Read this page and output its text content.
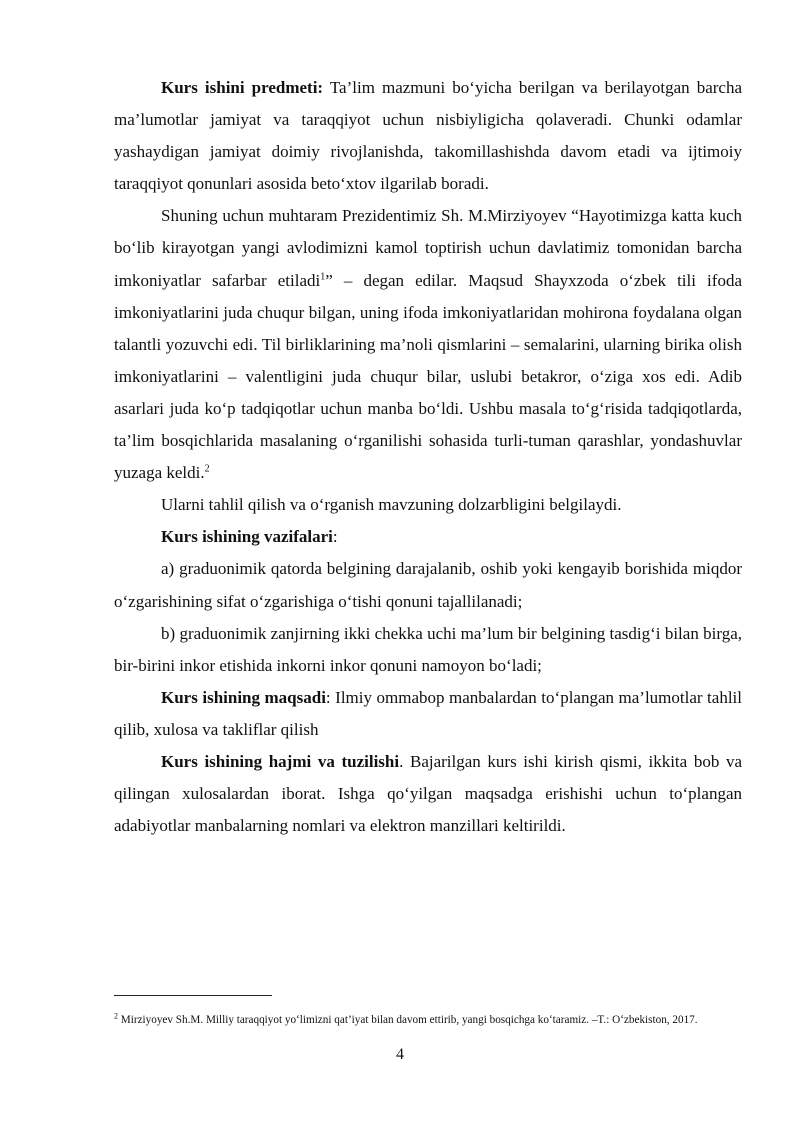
Kurs ishini predmeti: Ta’lim mazmuni bo‘yicha berilgan va berilayotgan barcha ma’lumotlar jamiyat va taraqqiyot uchun nisbiyligicha qolaveradi. Chunki odamlar yashaydigan jamiyat doimiy rivojlanishda, takomillashishda davom etadi va ijtimoiy taraqqiyot qonunlari asosida beto‘xtov ilgarilab boradi.

Shuning uchun muhtaram Prezidentimiz Sh. M.Mirziyoyev “Hayotimizga katta kuch bo‘lib kirayotgan yangi avlodimizni kamol toptirish uchun davlatimiz tomonidan barcha imkoniyatlar safarbar etiladi$^1$” – degan edilar. Maqsud Shayxzoda o‘zbek tili ifoda imkoniyatlarini juda chuqur bilgan, uning ifoda imkoniyatlaridan mohirona foydalana olgan talantli yozuvchi edi. Til birliklarining ma’noli qismlarini – semalarini, ularning birika olish imkoniyatlarini – valentligini juda chuqur bilar, uslubi betakror, o‘ziga xos edi. Adib asarlari juda ko‘p tadqiqotlar uchun manba bo‘ldi. Ushbu masala to‘g‘risida tadqiqotlarda, ta’lim bosqichlarida masalaning o‘rganilishi sohasida turli-tuman qarashlar, yondashuvlar yuzaga keldi.$^2$

Ularni tahlil qilish va o‘rganish mavzuning dolzarbligini belgilaydi.

Kurs ishining vazifalari:

a) graduonimik qatorda belgining darajalanib, oshib yoki kengayib borishida miqdor o‘zgarishining sifat o‘zgarishiga o‘tishi qonuni tajallilanadi;

b) graduonimik zanjirning ikki chekka uchi ma’lum bir belgining tasdig‘i bilan birga, bir-birini inkor etishida inkorni inkor qonuni namoyon bo‘ladi;

Kurs ishining maqsadi: Ilmiy ommabop manbalardan to‘plangan ma’lumotlar tahlil qilib, xulosa va takliflar qilish

Kurs ishining hajmi va tuzilishi. Bajarilgan kurs ishi kirish qismi, ikkita bob va qilingan xulosalardan iborat. Ishga qo‘yilgan maqsadga erishishi uchun to‘plangan adabiyotlar manbalarning nomlari va elektron manzillari keltirildi.

$^2$ Mirziyoyev Sh.M. Milliy taraqqiyot yo‘limizni qat’iyat bilan davom ettirib, yangi bosqichga ko‘taramiz. –T.: O‘zbekiston, 2017.
4
